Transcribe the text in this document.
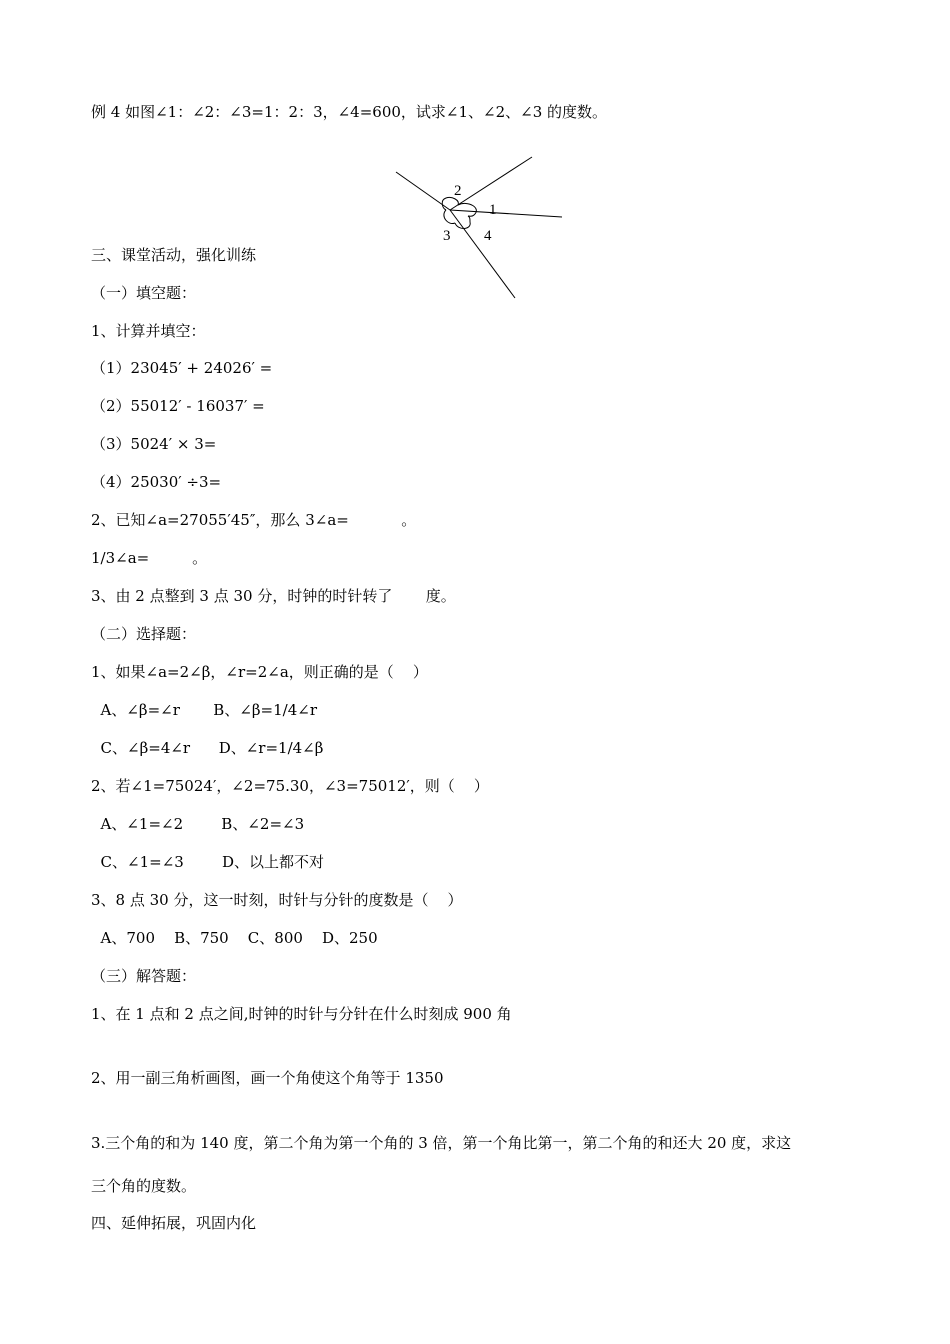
例 4 如图∠1：∠2：∠3=1：2：3，∠4=600，试求∠1、∠2、∠3 的度数。
2
1
3 4
三、课堂活动，强化训练
（一）填空题：
1、计算并填空：
（1）23045′ + 24026′ =
（2）55012′ - 16037′ =
（3）5024′ × 3=
（4）25030′ ÷3=
2、已知∠a=27055′45″，那么 3∠a=           。
1/3∠a=         。
3、由 2 点整到 3 点 30 分，时钟的时针转了       度。
（二）选择题：
1、如果∠a=2∠β，∠r=2∠a，则正确的是（    ）
A、∠β=∠r       B、∠β=1/4∠r
C、∠β=4∠r      D、∠r=1/4∠β
2、若∠1=75024′，∠2=75.30，∠3=75012′，则（    ）
A、∠1=∠2        B、∠2=∠3
C、∠1=∠3        D、以上都不对
3、8 点 30 分，这一时刻，时针与分针的度数是（    ）
A、700    B、750    C、800    D、250
（三）解答题：
1、在 1 点和 2 点之间,时钟的时针与分针在什么时刻成 900 角
2、用一副三角析画图，画一个角使这个角等于 1350
3.三个角的和为 140 度，第二个角为第一个角的 3 倍，第一个角比第一，第二个角的和还大 20 度，求这
三个角的度数。
四、延伸拓展，巩固内化
